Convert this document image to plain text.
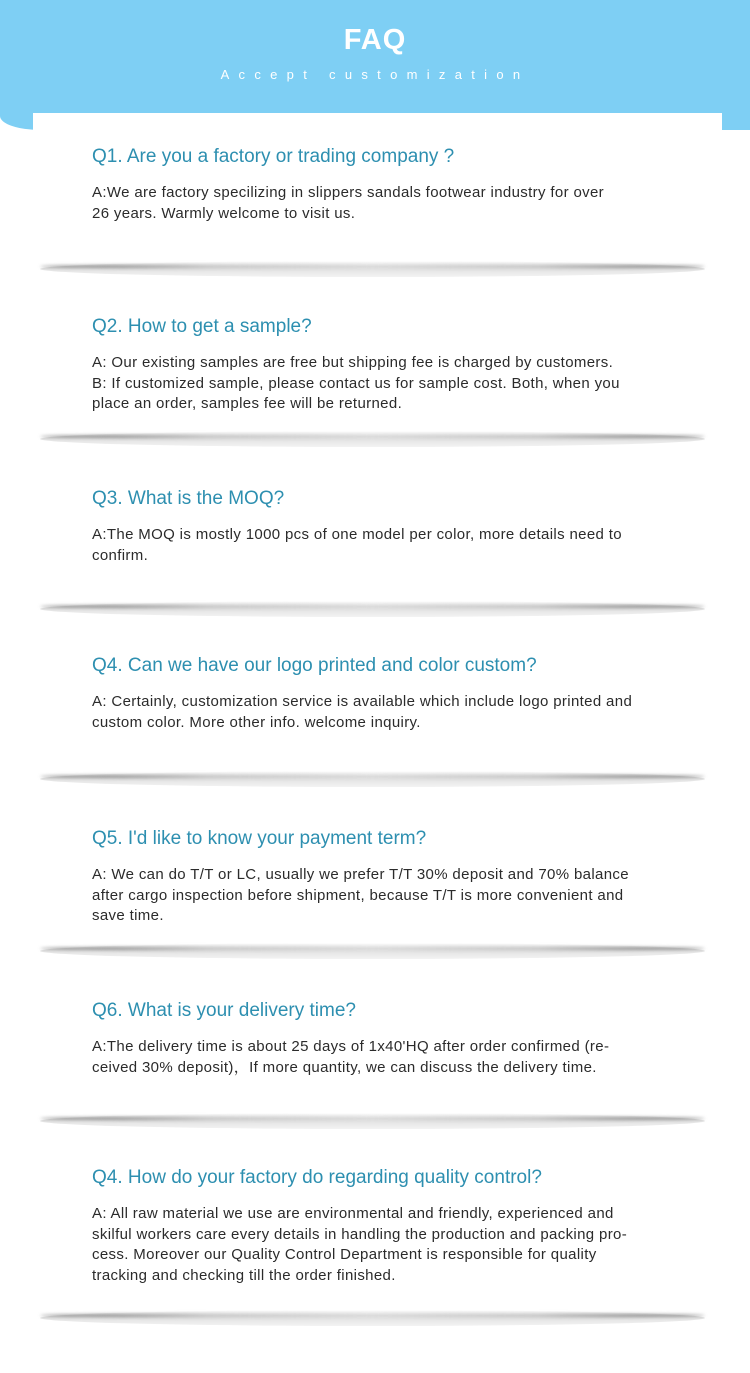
FAQ
Accept customization

Q1. Are you a factory or trading company ?

A:We are factory specilizing in slippers sandals footwear industry for over
26 years. Warmly welcome to visit us.

Q2. How to get a sample?

A: Our existing samples are free but shipping fee is charged by customers.
B: If customized sample, please contact us for sample cost. Both, when you
place an order, samples fee will be returned.

Q3. What is the MOQ?

A:The MOQ is mostly 1000 pcs of one model per color, more details need to
confirm.

Q4. Can we have our logo printed and color custom?

A: Certainly, customization service is available which include logo printed and
custom color. More other info. welcome inquiry.

Q5. I'd like to know your payment term?

A: We can do T/T or LC, usually we prefer T/T 30% deposit and 70% balance
after cargo inspection before shipment, because T/T is more convenient and
save time.

Q6. What is your delivery time?

A:The delivery time is about 25 days of 1x40'HQ after order confirmed (re-
ceived 30% deposit)，If more quantity, we can discuss the delivery time.

Q4. How do your factory do regarding quality control?

A: All raw material we use are environmental and friendly, experienced and
skilful workers care every details in handling the production and packing pro-
cess. Moreover our Quality Control Department is responsible for quality
tracking and checking till the order finished.
